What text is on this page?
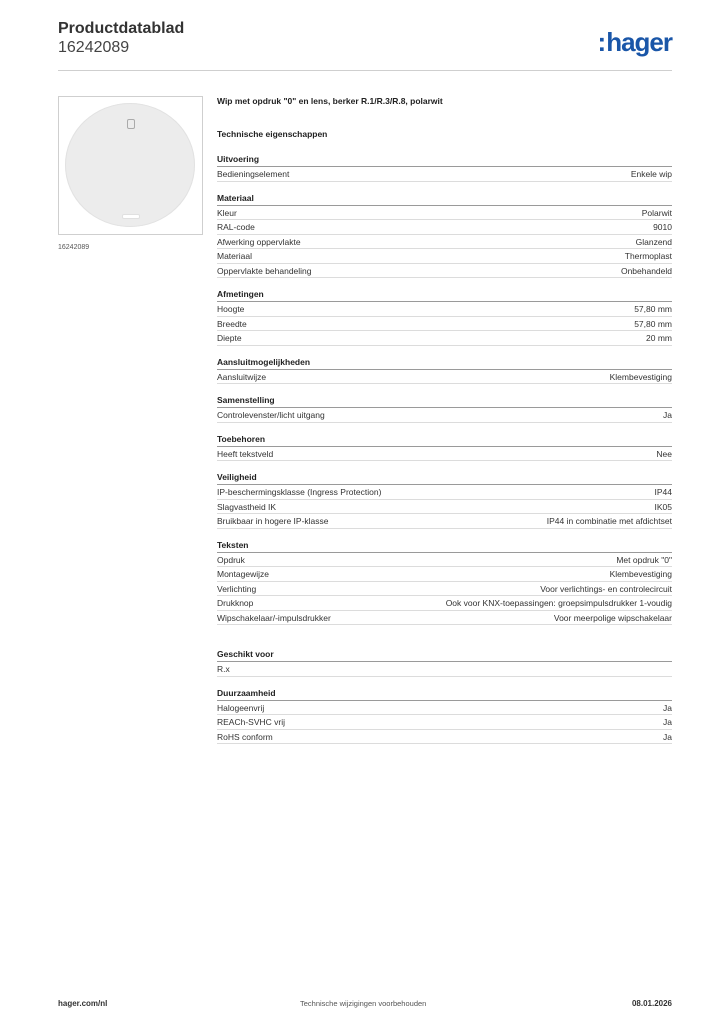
Productdatablad
16242089	:hager
16242089
Wip met opdruk "0" en lens, berker R.1/R.3/R.8, polarwit
Technische eigenschappen
Uitvoering
Bedieningselement	Enkele wip
Materiaal
Kleur	Polarwit
RAL-code	9010
Afwerking oppervlakte	Glanzend
Materiaal	Thermoplast
Oppervlakte behandeling	Onbehandeld
Afmetingen
Hoogte	57,80 mm
Breedte	57,80 mm
Diepte	20 mm
Aansluitmogelijkheden
Aansluitwijze	Klembevestiging
Samenstelling
Controlevenster/licht uitgang	Ja
Toebehoren
Heeft tekstveld	Nee
Veiligheid
IP-beschermingsklasse (Ingress Protection)	IP44
Slagvastheid IK	IK05
Bruikbaar in hogere IP-klasse	IP44 in combinatie met afdichtset
Teksten
Opdruk	Met opdruk "0"
Montagewijze	Klembevestiging
Verlichting	Voor verlichtings- en controlecircuit
Drukknop	Ook voor KNX-toepassingen: groepsimpulsdrukker 1-voudig
Wipschakelaar/-impulsdrukker	Voor meerpolige wipschakelaar
Geschikt voor
R.x
Duurzaamheid
Halogeenvrij	Ja
REACh-SVHC vrij	Ja
RoHS conform	Ja
hager.com/nl	Technische wijzigingen voorbehouden	08.01.2026
